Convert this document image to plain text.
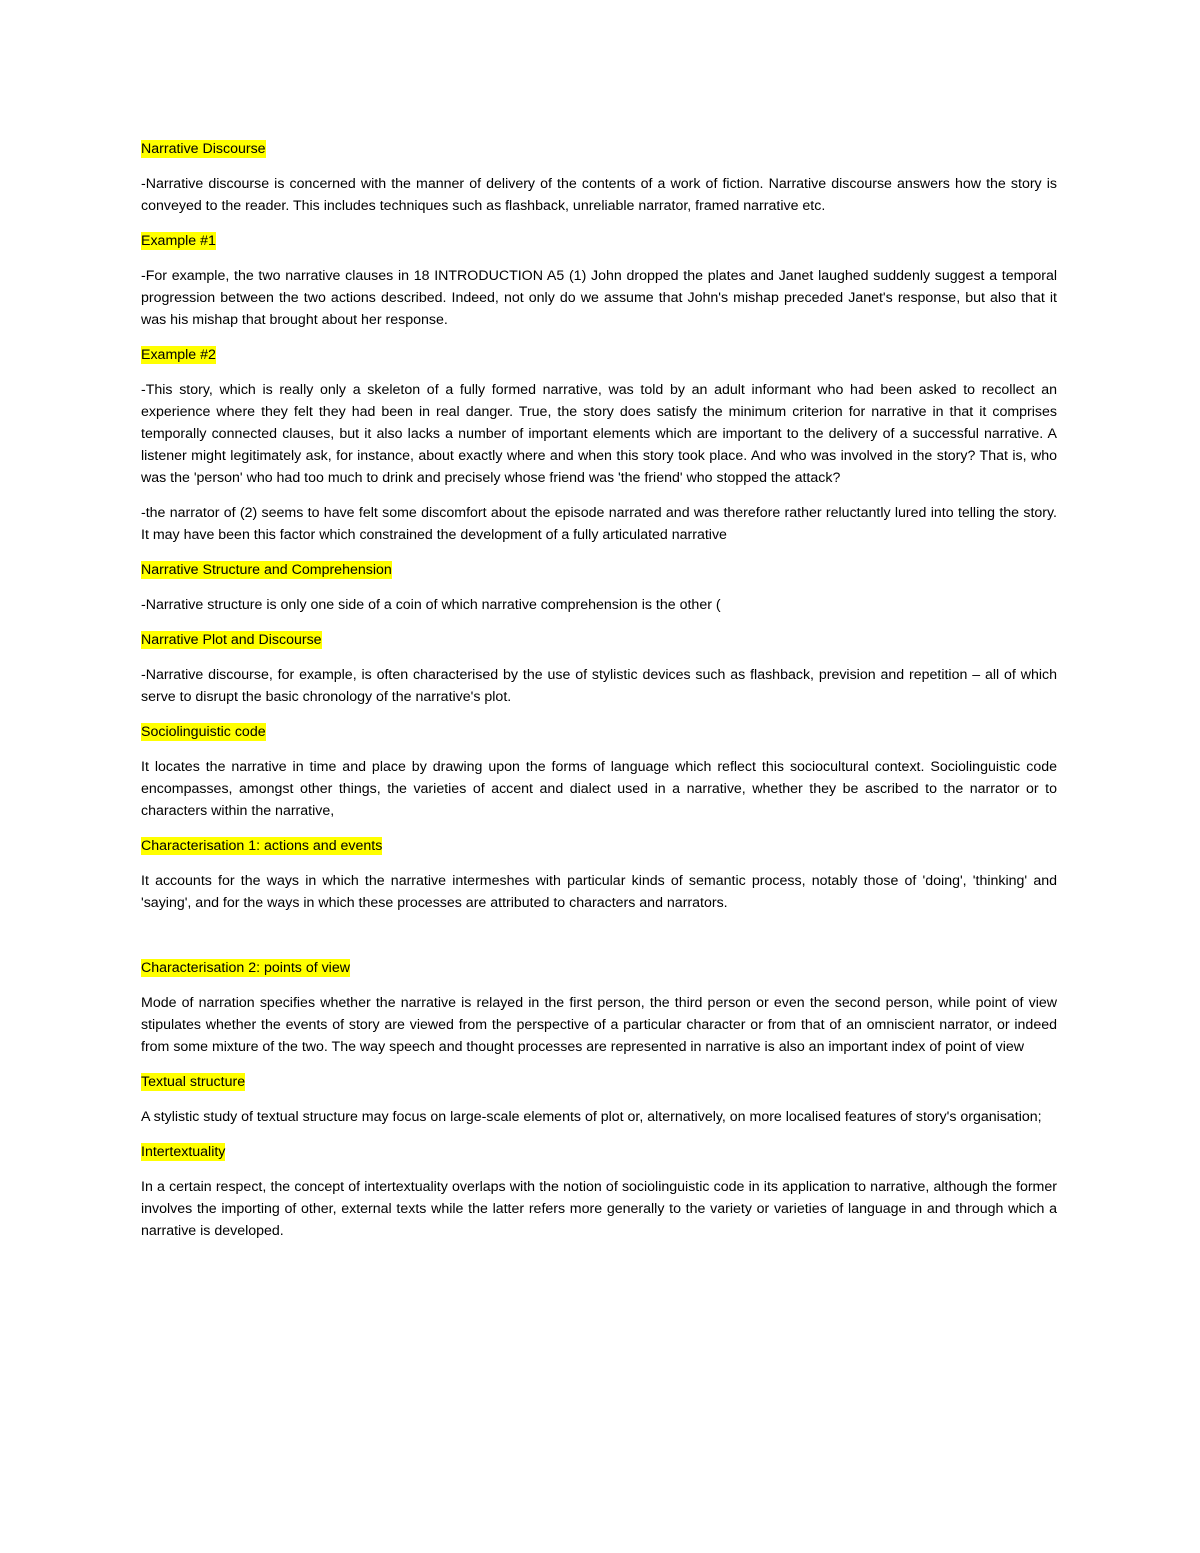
Narrative Discourse
-Narrative discourse is concerned with the manner of delivery of the contents of a work of fiction. Narrative discourse answers how the story is conveyed to the reader. This includes techniques such as flashback, unreliable narrator, framed narrative etc.
Example #1
-For example, the two narrative clauses in 18 INTRODUCTION A5 (1) John dropped the plates and Janet laughed suddenly suggest a temporal progression between the two actions described. Indeed, not only do we assume that John's mishap preceded Janet's response, but also that it was his mishap that brought about her response.
Example #2
-This story, which is really only a skeleton of a fully formed narrative, was told by an adult informant who had been asked to recollect an experience where they felt they had been in real danger. True, the story does satisfy the minimum criterion for narrative in that it comprises temporally connected clauses, but it also lacks a number of important elements which are important to the delivery of a successful narrative. A listener might legitimately ask, for instance, about exactly where and when this story took place. And who was involved in the story? That is, who was the 'person' who had too much to drink and precisely whose friend was 'the friend' who stopped the attack?
-the narrator of (2) seems to have felt some discomfort about the episode narrated and was therefore rather reluctantly lured into telling the story. It may have been this factor which constrained the development of a fully articulated narrative
Narrative Structure and Comprehension
-Narrative structure is only one side of a coin of which narrative comprehension is the other (
Narrative Plot and Discourse
-Narrative discourse, for example, is often characterised by the use of stylistic devices such as flashback, prevision and repetition – all of which serve to disrupt the basic chronology of the narrative's plot.
Sociolinguistic code
It locates the narrative in time and place by drawing upon the forms of language which reflect this sociocultural context. Sociolinguistic code encompasses, amongst other things, the varieties of accent and dialect used in a narrative, whether they be ascribed to the narrator or to characters within the narrative,
Characterisation 1: actions and events
It accounts for the ways in which the narrative intermeshes with particular kinds of semantic process, notably those of 'doing', 'thinking' and 'saying', and for the ways in which these processes are attributed to characters and narrators.
Characterisation 2: points of view
Mode of narration specifies whether the narrative is relayed in the first person, the third person or even the second person, while point of view stipulates whether the events of story are viewed from the perspective of a particular character or from that of an omniscient narrator, or indeed from some mixture of the two. The way speech and thought processes are represented in narrative is also an important index of point of view
Textual structure
A stylistic study of textual structure may focus on large-scale elements of plot or, alternatively, on more localised features of story's organisation;
Intertextuality
In a certain respect, the concept of intertextuality overlaps with the notion of sociolinguistic code in its application to narrative, although the former involves the importing of other, external texts while the latter refers more generally to the variety or varieties of language in and through which a narrative is developed.
